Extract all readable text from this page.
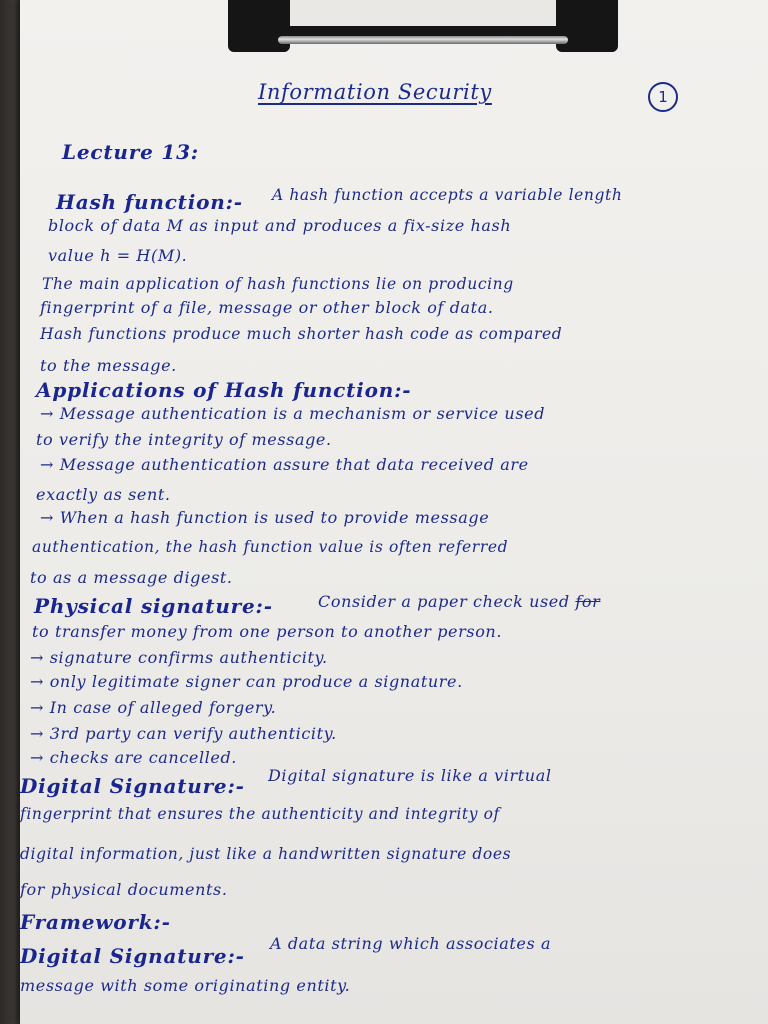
Information Security	1
Lecture 13:
Hash function:- A hash function accepts a variable length
block of data M as input and produces a fix-size hash
value h = H(M).
The main application of hash functions lie on producing
fingerprint of a file, message or other block of data.
Hash functions produce much shorter hash code as compared
to the message.
Applications of Hash function:-
→ Message authentication is a mechanism or service used
to verify the integrity of message.
→ Message authentication assure that data received are
exactly as sent.
→ When a hash function is used to provide message
authentication, the hash function value is often referred
to as a message digest.
Physical signature:-	Consider a paper check used for
to transfer money from one person to another person.
→ signature confirms authenticity.
→ only legitimate signer can produce a signature.
→ In case of alleged forgery.
→ 3rd party can verify authenticity.
→ checks are cancelled.
Digital Signature:- Digital signature is like a virtual
fingerprint that ensures the authenticity and integrity of
digital information, just like a handwritten signature does
for physical documents.
Framework:-
Digital Signature:-
A data string which associates a
message with some originating entity.
